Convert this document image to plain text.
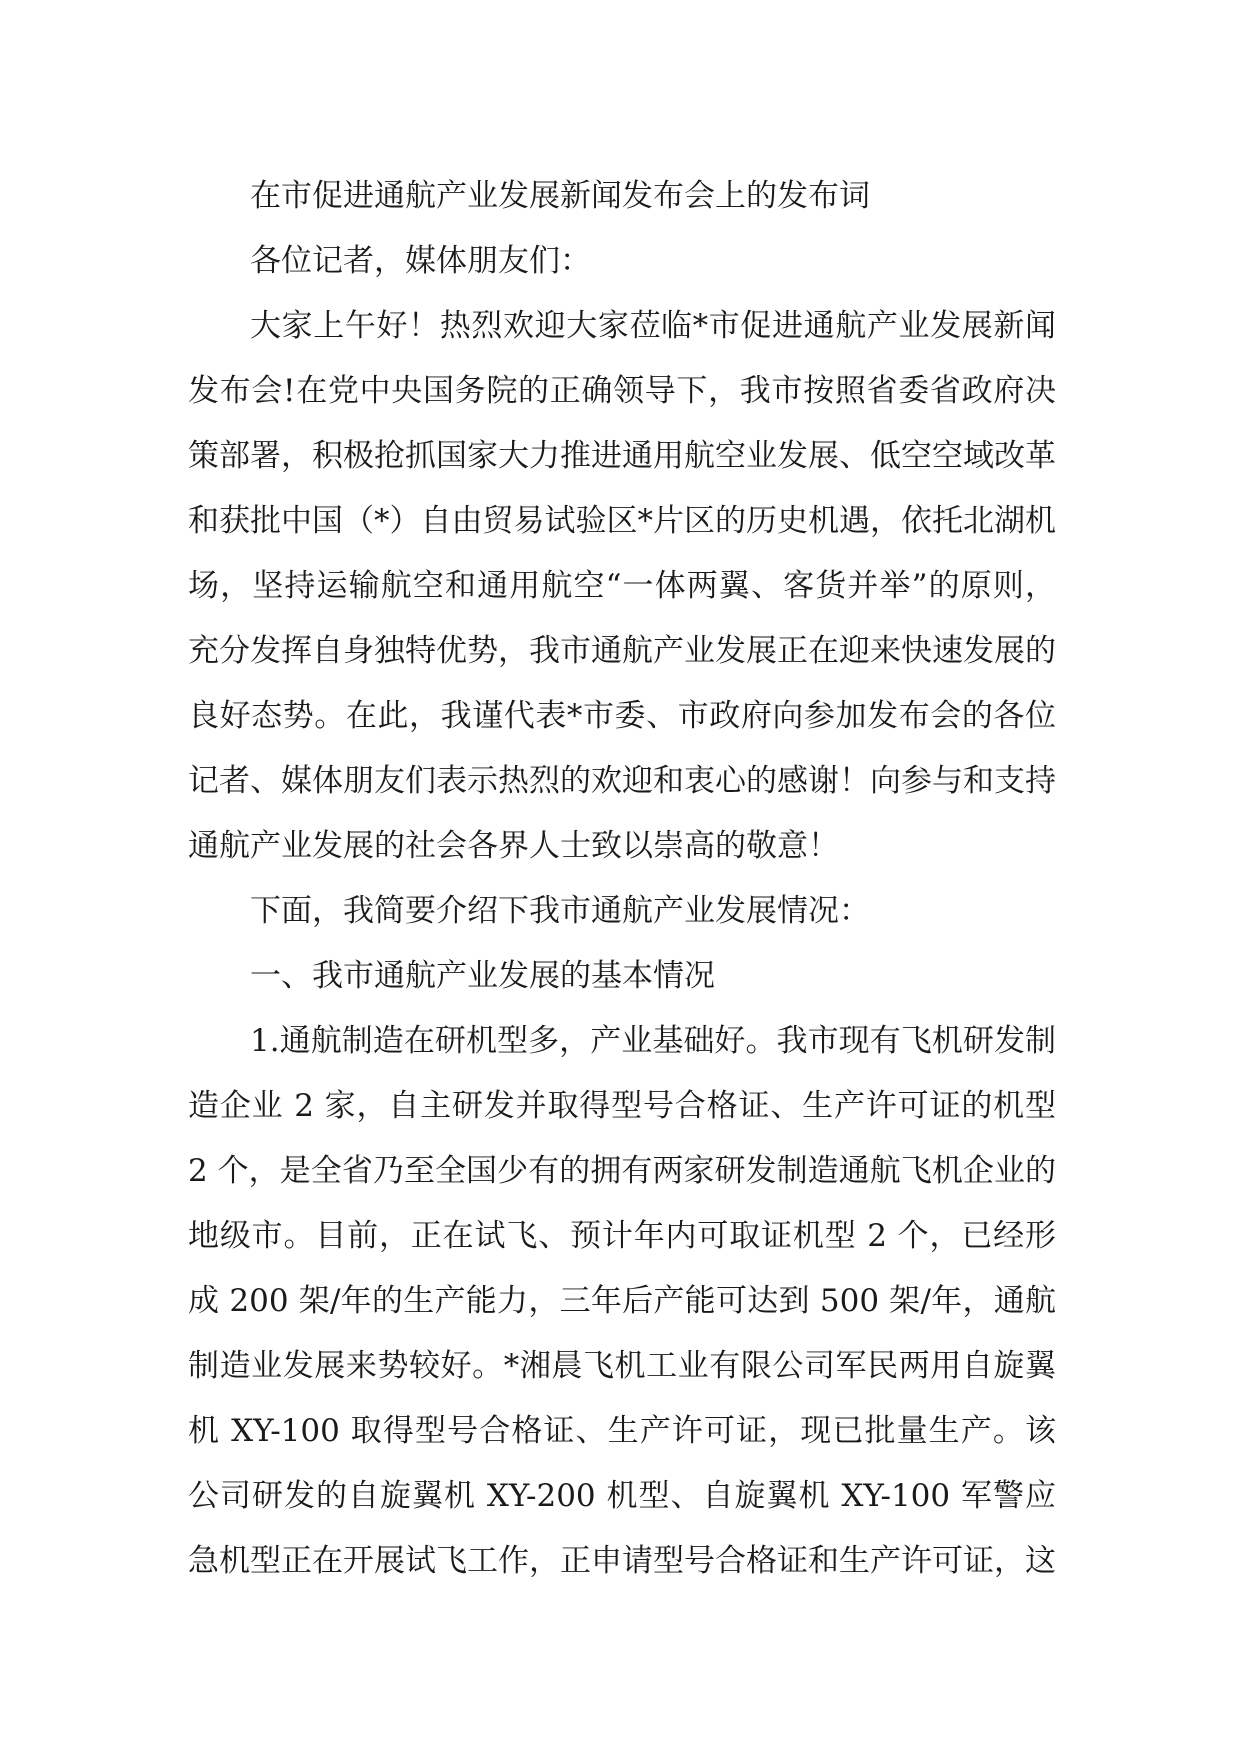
在市促进通航产业发展新闻发布会上的发布词

各位记者，媒体朋友们：

大家上午好！热烈欢迎大家莅临*市促进通航产业发展新闻发布会!在党中央国务院的正确领导下，我市按照省委省政府决策部署，积极抢抓国家大力推进通用航空业发展、低空空域改革和获批中国（*）自由贸易试验区*片区的历史机遇，依托北湖机场，坚持运输航空和通用航空“一体两翼、客货并举”的原则，充分发挥自身独特优势，我市通航产业发展正在迎来快速发展的良好态势。在此，我谨代表*市委、市政府向参加发布会的各位记者、媒体朋友们表示热烈的欢迎和衷心的感谢！向参与和支持通航产业发展的社会各界人士致以崇高的敬意！

下面，我简要介绍下我市通航产业发展情况：

一、我市通航产业发展的基本情况

1.通航制造在研机型多，产业基础好。我市现有飞机研发制造企业 2 家，自主研发并取得型号合格证、生产许可证的机型 2 个，是全省乃至全国少有的拥有两家研发制造通航飞机企业的地级市。目前，正在试飞、预计年内可取证机型 2 个，已经形成 200 架/年的生产能力，三年后产能可达到 500 架/年，通航制造业发展来势较好。*湘晨飞机工业有限公司军民两用自旋翼机 XY-100 取得型号合格证、生产许可证，现已批量生产。该公司研发的自旋翼机 XY-200 机型、自旋翼机 XY-100 军警应急机型正在开展试飞工作，正申请型号合格证和生产许可证，这
